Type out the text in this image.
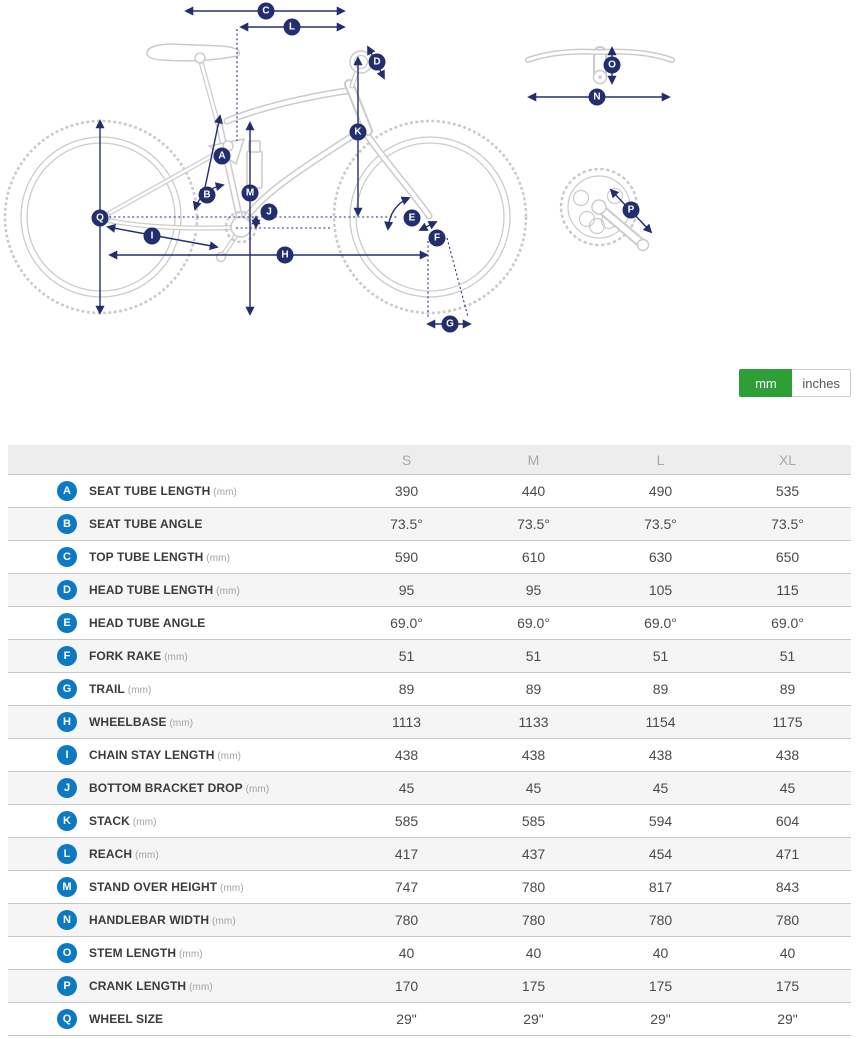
A
B
C
D
E
F
G
H
I
J
K
L
M
N
O
P
Q
mm	inches
		S	M	L	XL
A	SEAT TUBE LENGTH (mm)	390	440	490	535
B	SEAT TUBE ANGLE	73.5°	73.5°	73.5°	73.5°
C	TOP TUBE LENGTH (mm)	590	610	630	650
D	HEAD TUBE LENGTH (mm)	95	95	105	115
E	HEAD TUBE ANGLE	69.0°	69.0°	69.0°	69.0°
F	FORK RAKE (mm)	51	51	51	51
G	TRAIL (mm)	89	89	89	89
H	WHEELBASE (mm)	1113	1133	1154	1175
I	CHAIN STAY LENGTH (mm)	438	438	438	438
J	BOTTOM BRACKET DROP (mm)	45	45	45	45
K	STACK (mm)	585	585	594	604
L	REACH (mm)	417	437	454	471
M	STAND OVER HEIGHT (mm)	747	780	817	843
N	HANDLEBAR WIDTH (mm)	780	780	780	780
O	STEM LENGTH (mm)	40	40	40	40
P	CRANK LENGTH (mm)	170	175	175	175
Q	WHEEL SIZE	29"	29"	29"	29"
